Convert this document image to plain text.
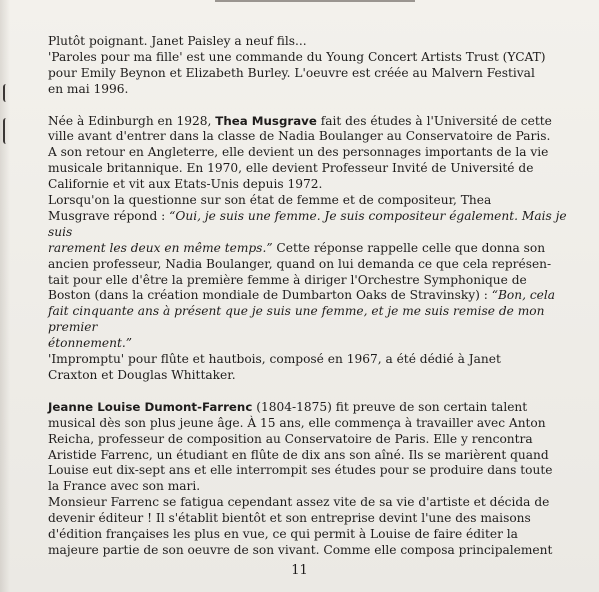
Plutôt poignant. Janet Paisley a neuf fils...

'Paroles pour ma fille' est une commande du Young Concert Artists Trust (YCAT)

pour Emily Beynon et Elizabeth Burley. L'oeuvre est créée au Malvern Festival

en mai 1996.

Née à Edinburgh en 1928, Thea Musgrave fait des études à l'Université de cette

ville avant d'entrer dans la classe de Nadia Boulanger au Conservatoire de Paris.

A son retour en Angleterre, elle devient un des personnages importants de la vie

musicale britannique. En 1970, elle devient Professeur Invité de Université de

Californie et vit aux Etats-Unis depuis 1972.

Lorsqu'on la questionne sur son état de femme et de compositeur, Thea

Musgrave répond : “Oui, je suis une femme. Je suis compositeur également. Mais je suis

rarement les deux en même temps.” Cette réponse rappelle celle que donna son

ancien professeur, Nadia Boulanger, quand on lui demanda ce que cela représen-

tait pour elle d'être la première femme à diriger l'Orchestre Symphonique de

Boston (dans la création mondiale de Dumbarton Oaks de Stravinsky) : “Bon, cela

fait cinquante ans à présent que je suis une femme, et je me suis remise de mon premier

étonnement.”

'Impromptu' pour flûte et hautbois, composé en 1967, a été dédié à Janet

Craxton et Douglas Whittaker.

Jeanne Louise Dumont-Farrenc (1804-1875) fit preuve de son certain talent

musical dès son plus jeune âge. À 15 ans, elle commença à travailler avec Anton

Reicha, professeur de composition au Conservatoire de Paris. Elle y rencontra

Aristide Farrenc, un étudiant en flûte de dix ans son aîné. Ils se marièrent quand

Louise eut dix-sept ans et elle interrompit ses études pour se produire dans toute

la France avec son mari.

Monsieur Farrenc se fatigua cependant assez vite de sa vie d'artiste et décida de

devenir éditeur ! Il s'établit bientôt et son entreprise devint l'une des maisons

d'édition françaises les plus en vue, ce qui permit à Louise de faire éditer la

majeure partie de son oeuvre de son vivant. Comme elle composa principalement

11
